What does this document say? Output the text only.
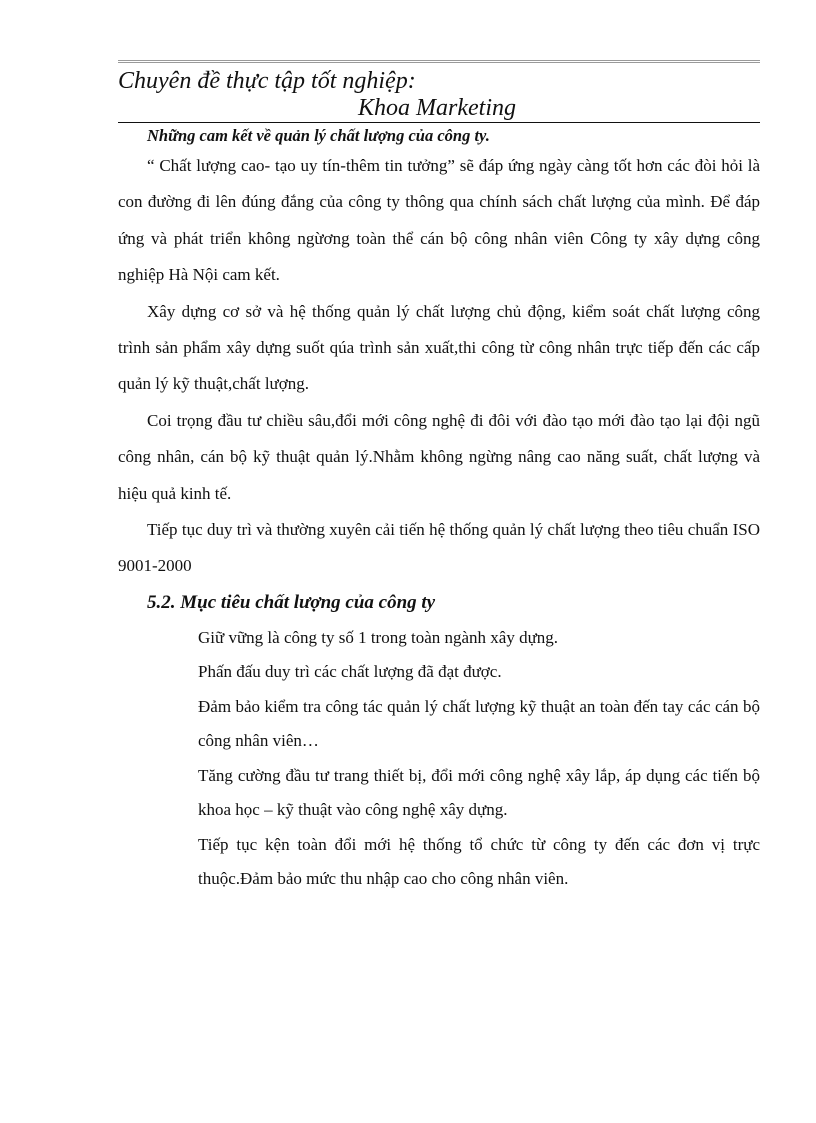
Chuyên đề thực tập tốt nghiệp:
Khoa Marketing

Những cam kết về quản lý chất lượng của công ty.

“ Chất lượng cao- tạo uy tín-thêm tin tưởng” sẽ đáp ứng ngày càng tốt hơn các đòi hỏi là con đường đi lên đúng đắng của công ty thông qua chính sách chất lượng của mình. Để đáp ứng và phát triển không ngừơng toàn thể cán bộ công nhân viên Công ty xây dựng công nghiệp Hà Nội cam kết.

Xây dựng cơ sở và hệ thống quản lý chất lượng chủ động, kiểm soát chất lượng công trình sản phẩm xây dựng suốt qúa trình sản xuất,thi công từ công nhân trực tiếp đến các cấp quản lý kỹ thuật,chất lượng.

Coi trọng đầu tư chiều sâu,đổi mới công nghệ đi đôi với đào tạo mới đào tạo lại đội ngũ công nhân, cán bộ kỹ thuật quản lý.Nhằm không ngừng nâng cao năng suất, chất lượng và hiệu quả kinh tế.

Tiếp tục duy trì và thường xuyên cải tiến hệ thống quản lý chất lượng theo tiêu chuẩn ISO 9001-2000

5.2. Mục tiêu chất lượng của công ty

Giữ vững là công ty số 1 trong toàn ngành xây dựng.
Phấn đấu duy trì các chất lượng đã đạt được.
Đảm bảo kiểm tra công tác quản lý chất lượng kỹ thuật an toàn đến tay các cán bộ công nhân viên…
Tăng cường đầu tư trang thiết bị, đổi mới công nghệ xây lắp, áp dụng các tiến bộ khoa học – kỹ thuật vào công nghệ xây dựng.
Tiếp tục kện toàn đổi mới hệ thống tổ chức từ công ty đến các đơn vị trực thuộc.Đảm bảo mức thu nhập cao cho công nhân viên.
